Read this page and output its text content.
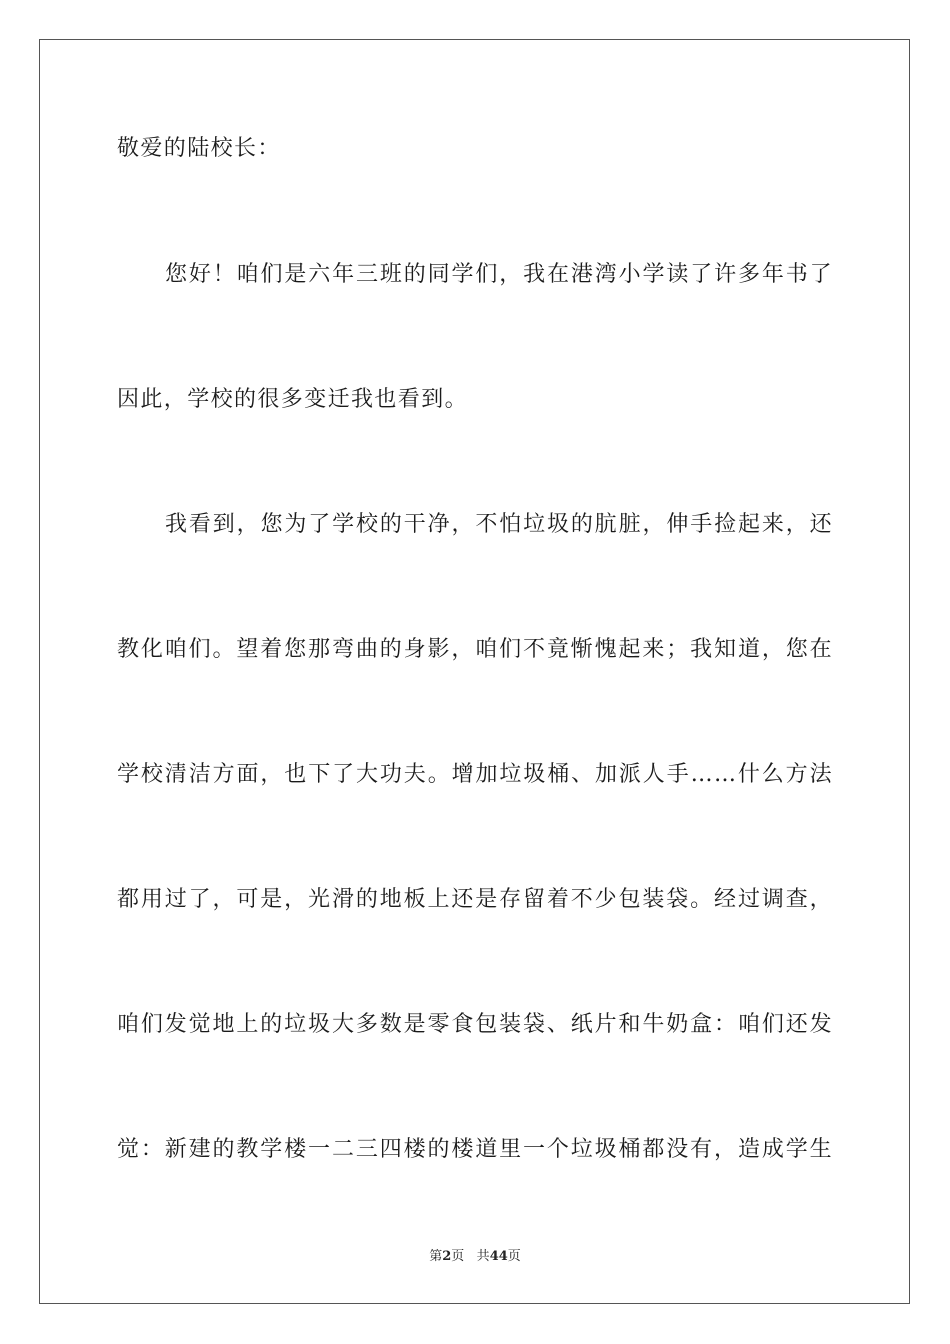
敬爱的陆校长：
您好！咱们是六年三班的同学们，我在港湾小学读了许多年书了
因此，学校的很多变迁我也看到。
我看到，您为了学校的干净，不怕垃圾的肮脏，伸手捡起来，还
教化咱们。望着您那弯曲的身影，咱们不竟惭愧起来；我知道，您在
学校清洁方面，也下了大功夫。增加垃圾桶、加派人手……什么方法
都用过了，可是，光滑的地板上还是存留着不少包装袋。经过调查，
咱们发觉地上的垃圾大多数是零食包装袋、纸片和牛奶盒：咱们还发
觉：新建的教学楼一二三四楼的楼道里一个垃圾桶都没有，造成学生
第2页 共44页
